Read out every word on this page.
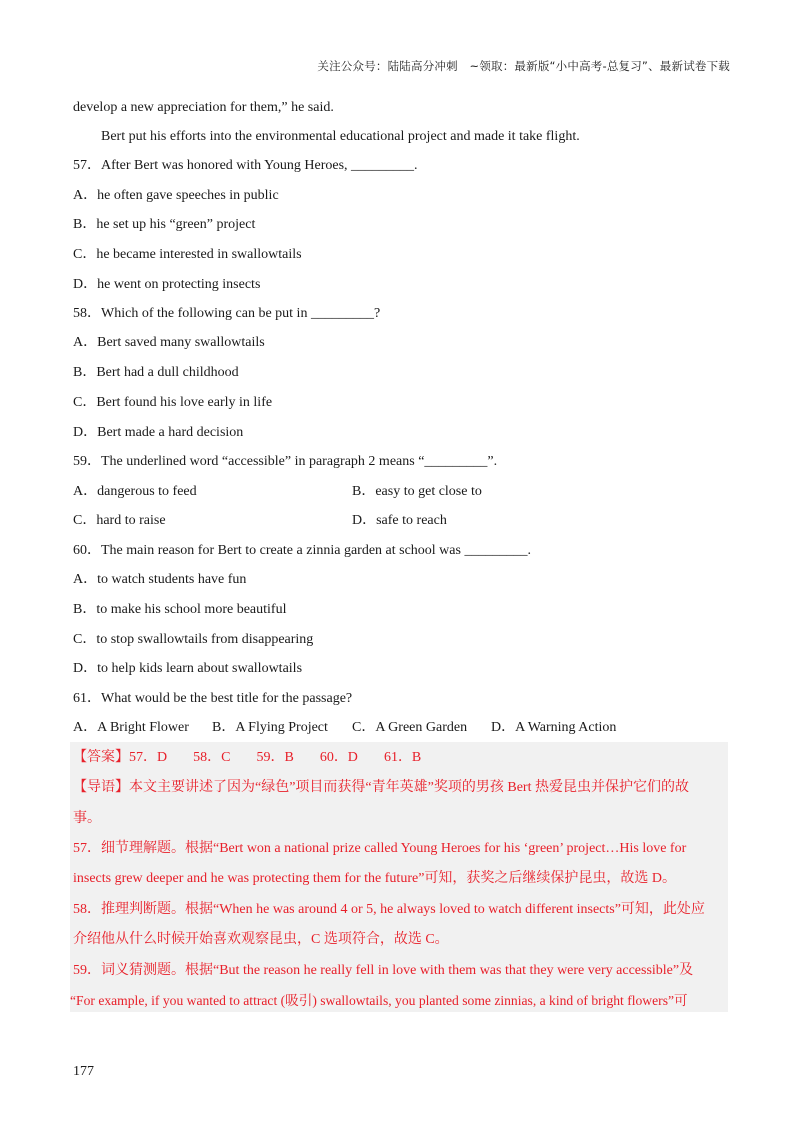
关注公众号：陆陆高分冲刺　~领取：最新版“小中高考-总复习”、最新试卷下载
develop a new appreciation for them,” he said.
Bert put his efforts into the environmental educational project and made it take flight.
57．After Bert was honored with Young Heroes, _________.
A．he often gave speeches in public
B．he set up his “green” project
C．he became interested in swallowtails
D．he went on protecting insects
58．Which of the following can be put in _________?
A．Bert saved many swallowtails
B．Bert had a dull childhood
C．Bert found his love early in life
D．Bert made a hard decision
59．The underlined word “accessible” in paragraph 2 means “_________”.
A．dangerous to feed	B．easy to get close to
C．hard to raise	D．safe to reach
60．The main reason for Bert to create a zinnia garden at school was _________.
A．to watch students have fun
B．to make his school more beautiful
C．to stop swallowtails from disappearing
D．to help kids learn about swallowtails
61．What would be the best title for the passage?
A．A Bright Flower B．A Flying Project C．A Green Garden D．A Warning Action
【答案】57．D 58．C 59．B 60．D 61．B
【导语】本文主要讲述了因为“绿色”项目而获得“青年英雄”奖项的男孩 Bert 热爱昆虫并保护它们的故
事。
57．细节理解题。根据“Bert won a national prize called Young Heroes for his ‘green’ project…His love for
insects grew deeper and he was protecting them for the future”可知，获奖之后继续保护昆虫，故选 D。
58．推理判断题。根据“When he was around 4 or 5, he always loved to watch different insects”可知，此处应
介绍他从什么时候开始喜欢观察昆虫，C 选项符合，故选 C。
59．词义猜测题。根据“But the reason he really fell in love with them was that they were very accessible”及
“For example, if you wanted to attract (吸引) swallowtails, you planted some zinnias, a kind of bright flowers”可
177
